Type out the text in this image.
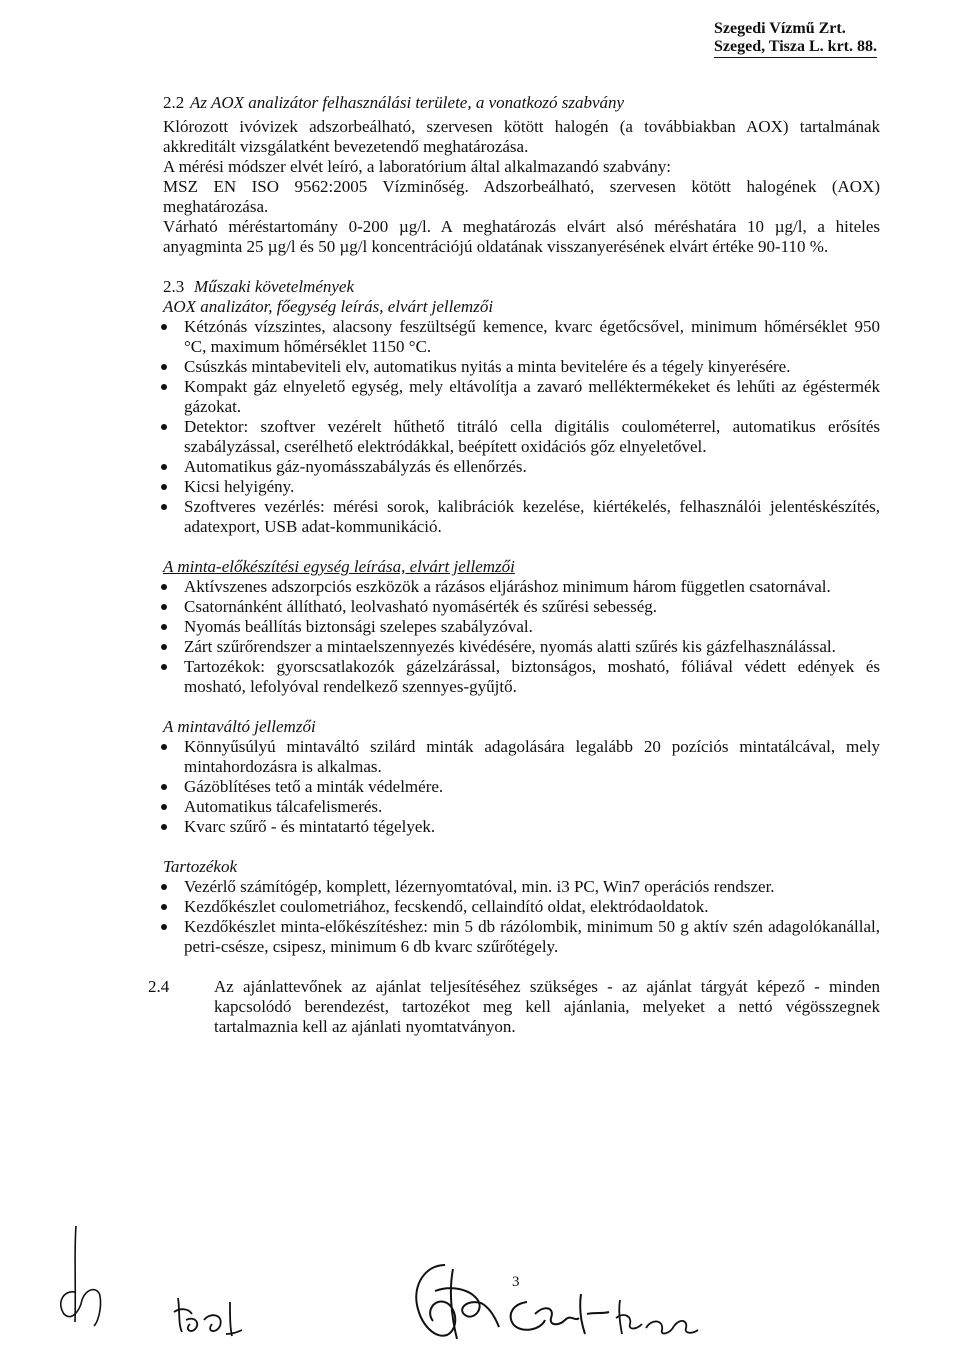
Szegedi Vízmű Zrt.
Szeged, Tisza L. krt. 88.
2.2 Az AOX analizátor felhasználási területe, a vonatkozó szabvány

Klórozott ivóvizek adszorbeálható, szervesen kötött halogén (a továbbiakban AOX) tartalmának akkreditált vizsgálatként bevezetendő meghatározása.

A mérési módszer elvét leíró, a laboratórium által alkalmazandó szabvány:

MSZ EN ISO 9562:2005 Vízminőség. Adszorbeálható, szervesen kötött halogének (AOX) meghatározása.

Várható méréstartomány 0-200 µg/l. A meghatározás elvárt alsó méréshatára 10 µg/l, a hiteles anyagminta 25 µg/l és 50 µg/l koncentrációjú oldatának visszanyerésének elvárt értéke 90-110 %.

2.3 Műszaki követelmények

AOX analizátor, főegység leírás, elvárt jellemzői

Kétzónás vízszintes, alacsony feszültségű kemence, kvarc égetőcsővel, minimum hőmérséklet 950 °C, maximum hőmérséklet 1150 °C.
Csúszkás mintabeviteli elv, automatikus nyitás a minta bevitelére és a tégely kinyerésére.
Kompakt gáz elnyelető egység, mely eltávolítja a zavaró melléktermékeket és lehűti az égéstermék gázokat.
Detektor: szoftver vezérelt hűthető titráló cella digitális coulométerrel, automatikus erősítés szabályzással, cserélhető elektródákkal, beépített oxidációs gőz elnyeletővel.
Automatikus gáz-nyomásszabályzás és ellenőrzés.
Kicsi helyigény.
Szoftveres vezérlés: mérési sorok, kalibrációk kezelése, kiértékelés, felhasználói jelentéskészítés, adatexport, USB adat-kommunikáció.

A minta-előkészítési egység leírása, elvárt jellemzői

Aktívszenes adszorpciós eszközök a rázásos eljáráshoz minimum három független csatornával.
Csatornánként állítható, leolvasható nyomásérték és szűrési sebesség.
Nyomás beállítás biztonsági szelepes szabályzóval.
Zárt szűrőrendszer a mintaelszennyezés kivédésére, nyomás alatti szűrés kis gázfelhasználással.
Tartozékok: gyorscsatlakozók gázelzárással, biztonságos, mosható, fóliával védett edények és mosható, lefolyóval rendelkező szennyes-gyűjtő.

A mintaváltó jellemzői

Könnyűsúlyú mintaváltó szilárd minták adagolására legalább 20 pozíciós mintatálcával, mely mintahordozásra is alkalmas.
Gázöblítéses tető a minták védelmére.
Automatikus tálcafelismerés.
Kvarc szűrő - és mintatartó tégelyek.

Tartozékok

Vezérlő számítógép, komplett, lézernyomtatóval, min. i3 PC, Win7 operációs rendszer.
Kezdőkészlet coulometriához, fecskendő, cellaindító oldat, elektródaoldatok.
Kezdőkészlet minta-előkészítéshez: min 5 db rázólombik, minimum 50 g aktív szén adagolókanállal, petri-csésze, csipesz, minimum 6 db kvarc szűrőtégely.
2.4	Az ajánlattevőnek az ajánlat teljesítéséhez szükséges - az ajánlat tárgyát képező - minden kapcsolódó berendezést, tartozékot meg kell ajánlania, melyeket a nettó végösszegnek tartalmaznia kell az ajánlati nyomtatványon.
3
